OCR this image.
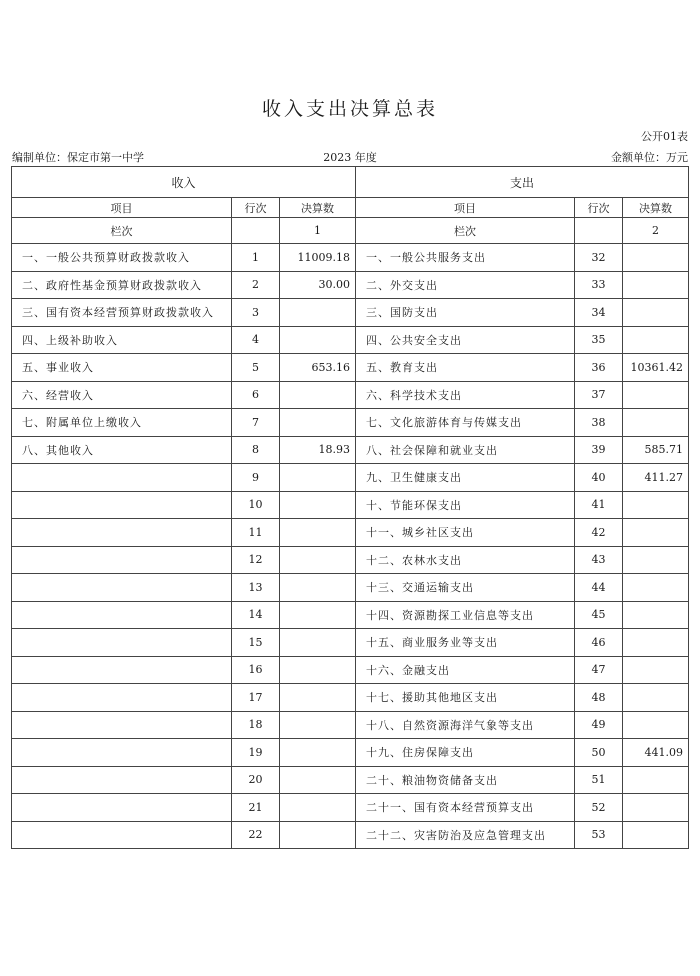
收入支出决算总表
公开01表
编制单位：保定市第一中学	2023 年度	金额单位：万元
收入			支出		
项目	行次	决算数	项目	行次	决算数
栏次		1	栏次		2
一、一般公共预算财政拨款收入	1	11009.18	一、一般公共服务支出	32	
二、政府性基金预算财政拨款收入	2	30.00	二、外交支出	33	
三、国有资本经营预算财政拨款收入	3		三、国防支出	34	
四、上级补助收入	4		四、公共安全支出	35	
五、事业收入	5	653.16	五、教育支出	36	10361.42
六、经营收入	6		六、科学技术支出	37	
七、附属单位上缴收入	7		七、文化旅游体育与传媒支出	38	
八、其他收入	8	18.93	八、社会保障和就业支出	39	585.71
	9		九、卫生健康支出	40	411.27
	10		十、节能环保支出	41	
	11		十一、城乡社区支出	42	
	12		十二、农林水支出	43	
	13		十三、交通运输支出	44	
	14		十四、资源勘探工业信息等支出	45	
	15		十五、商业服务业等支出	46	
	16		十六、金融支出	47	
	17		十七、援助其他地区支出	48	
	18		十八、自然资源海洋气象等支出	49	
	19		十九、住房保障支出	50	441.09
	20		二十、粮油物资储备支出	51	
	21		二十一、国有资本经营预算支出	52	
	22		二十二、灾害防治及应急管理支出	53	
